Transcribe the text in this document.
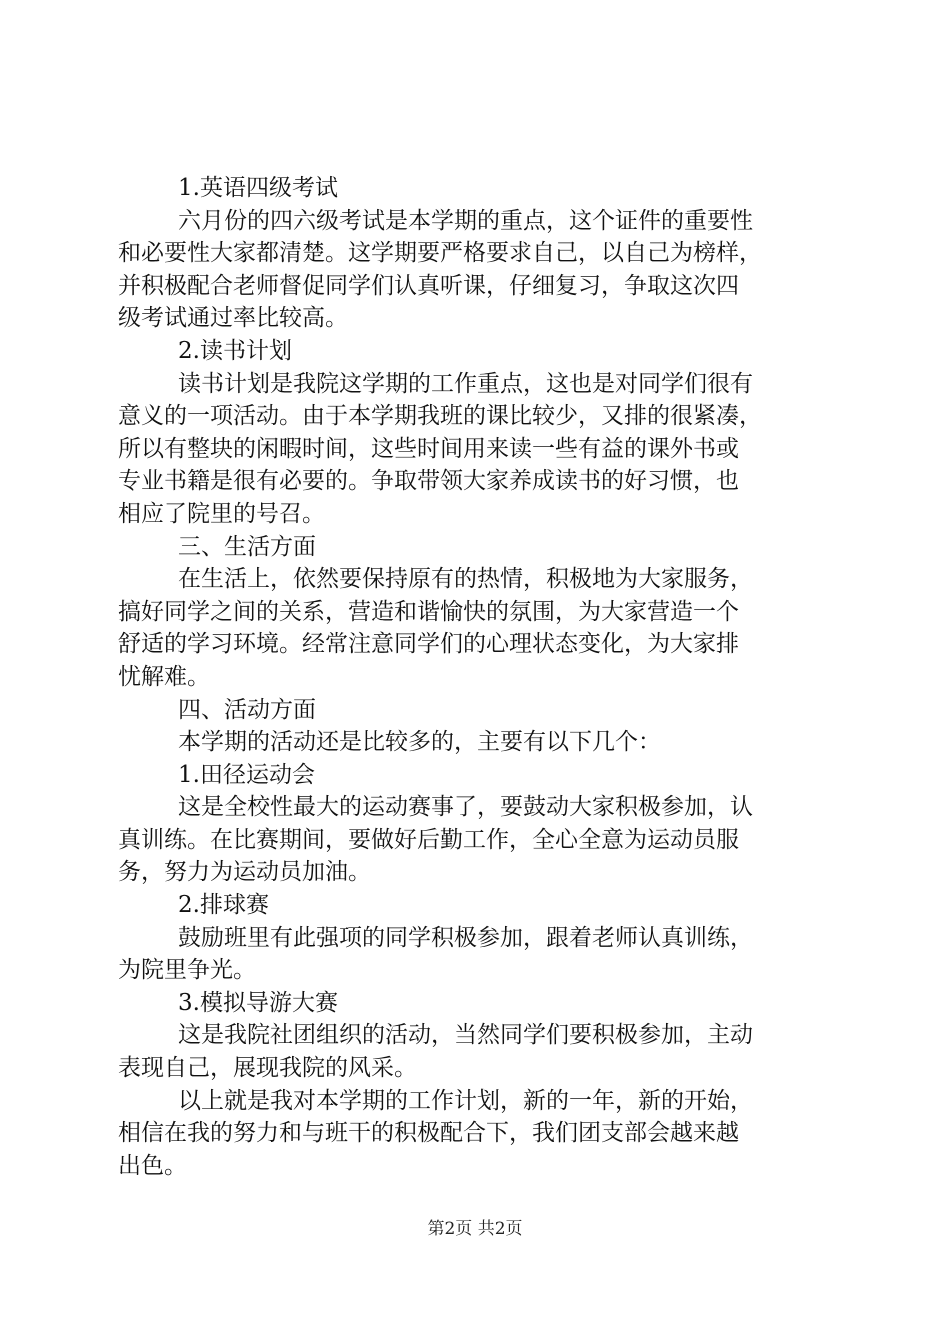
1.英语四级考试
六月份的四六级考试是本学期的重点，这个证件的重要性
和必要性大家都清楚。这学期要严格要求自己，以自己为榜样，
并积极配合老师督促同学们认真听课，仔细复习，争取这次四
级考试通过率比较高。
2.读书计划
读书计划是我院这学期的工作重点，这也是对同学们很有
意义的一项活动。由于本学期我班的课比较少，又排的很紧凑，
所以有整块的闲暇时间，这些时间用来读一些有益的课外书或
专业书籍是很有必要的。争取带领大家养成读书的好习惯，也
相应了院里的号召。
三、生活方面
在生活上，依然要保持原有的热情，积极地为大家服务，
搞好同学之间的关系，营造和谐愉快的氛围，为大家营造一个
舒适的学习环境。经常注意同学们的心理状态变化，为大家排
忧解难。
四、活动方面
本学期的活动还是比较多的，主要有以下几个：
1.田径运动会
这是全校性最大的运动赛事了，要鼓动大家积极参加，认
真训练。在比赛期间，要做好后勤工作，全心全意为运动员服
务，努力为运动员加油。
2.排球赛
鼓励班里有此强项的同学积极参加，跟着老师认真训练，
为院里争光。
3.模拟导游大赛
这是我院社团组织的活动，当然同学们要积极参加，主动
表现自己，展现我院的风采。
以上就是我对本学期的工作计划，新的一年，新的开始，
相信在我的努力和与班干的积极配合下，我们团支部会越来越
出色。
第2页 共2页
